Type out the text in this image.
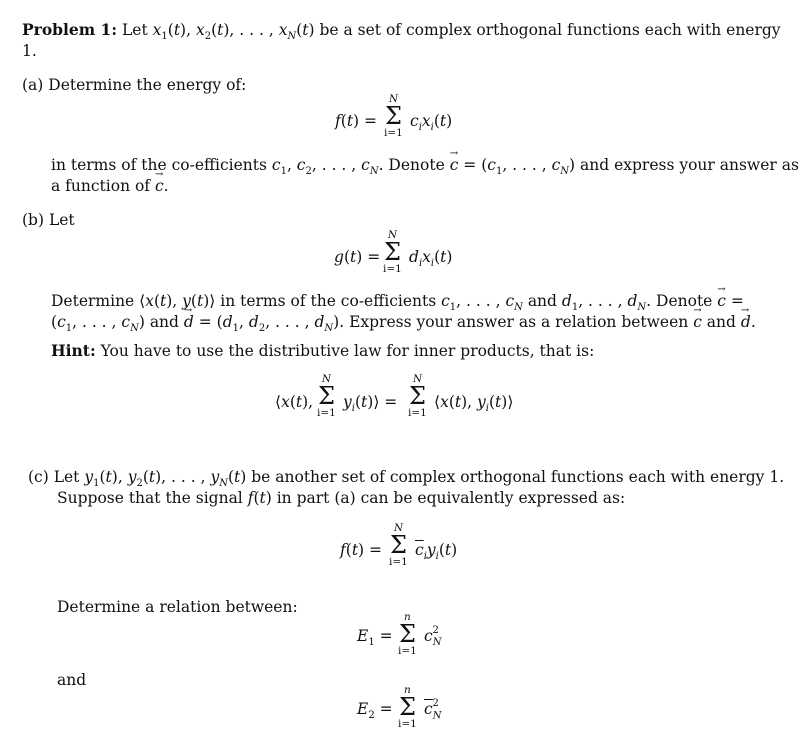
Problem 1: Let $x_1(t)$, $x_2(t)$, . . . , $x_N(t)$ be a set of complex orthogonal functions each with energy
1.
(a) Determine the energy of:
f(t) =
N
Σ
i=1
$c_ix_i(t)$
in terms of the co-efficients $c_1$, $c_2$, . . . , $c_N$. Denote → $c = (c_1$, . . . , $c_N$) and express your answer as
a function of → c.
(b) Let
g(t) =
N
Σ
i=1
$d_ix_i(t)$
Determine ⟨x(t), y(t)⟩ in terms of the co-efficients $c_1$, . . . , $c_N$ and $d_1$, . . . , $d_N$. Denote → c =
($c_1$, . . . , $c_N$) and → $d = (d_1$, $d_2$, . . . , $d_N$). Express your answer as a relation between → c and → d.
Hint: You have to use the distributive law for inner products, that is:
⟨x(t),
N
Σ
i=1
$y_i(t)⟩$ =
N
Σ
i=1
⟨x(t), $y_i(t)⟩$
(c) Let $y_1(t)$, $y_2(t)$, . . . , $y_N(t)$ be another set of complex orthogonal functions each with energy 1.
Suppose that the signal f(t) in part (a) can be equivalently expressed as:
f(t) =
N
Σ
i=1
$\overline{c}_iy_i(t)$
Determine a relation between:
$E_1$ =
n
Σ
i=1
$c_N^2$
and
$E_2$ =
n
Σ
i=1
$\overline{c}_N^2$
